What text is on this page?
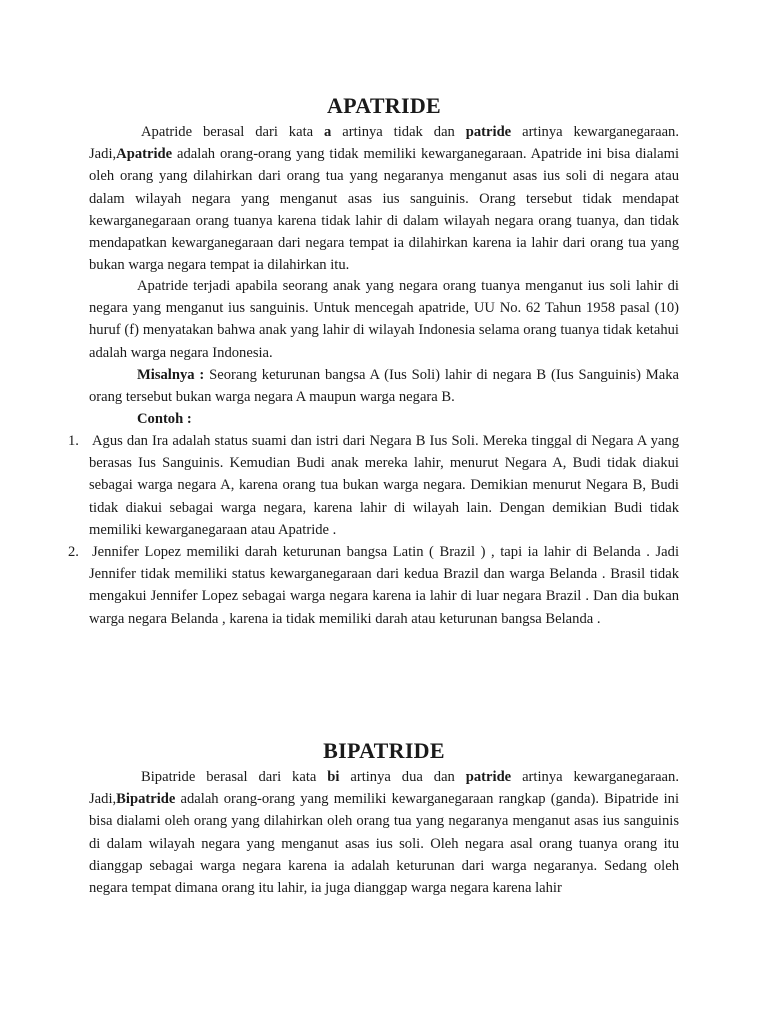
APATRIDE

Apatride berasal dari kata a artinya tidak dan patride artinya kewarganegaraan. Jadi,Apatride adalah orang-orang yang tidak memiliki kewarganegaraan. Apatride ini bisa dialami oleh orang yang dilahirkan dari orang tua yang negaranya menganut asas ius soli di negara atau dalam wilayah negara yang menganut asas ius sanguinis. Orang tersebut tidak mendapat kewarganegaraan orang tuanya karena tidak lahir di dalam wilayah negara orang tuanya, dan tidak mendapatkan kewarganegaraan dari negara tempat ia dilahirkan karena ia lahir dari orang tua yang bukan warga negara tempat ia dilahirkan itu.

Apatride terjadi apabila seorang anak yang negara orang tuanya menganut ius soli lahir di negara yang menganut ius sanguinis. Untuk mencegah apatride, UU No. 62 Tahun 1958 pasal (10) huruf (f) menyatakan bahwa anak yang lahir di wilayah Indonesia selama orang tuanya tidak ketahui adalah warga negara Indonesia.

Misalnya : Seorang keturunan bangsa A (Ius Soli) lahir di negara B (Ius Sanguinis) Maka orang tersebut bukan warga negara A maupun warga negara B.

Contoh :
1. Agus dan Ira adalah status suami dan istri dari Negara B Ius Soli. Mereka tinggal di Negara A yang berasas Ius Sanguinis. Kemudian Budi anak mereka lahir, menurut Negara A, Budi tidak diakui sebagai warga negara A, karena orang tua bukan warga negara. Demikian menurut Negara B, Budi tidak diakui sebagai warga negara, karena lahir di wilayah lain. Dengan demikian Budi tidak memiliki kewarganegaraan atau Apatride .
2. Jennifer Lopez memiliki darah keturunan bangsa Latin ( Brazil ) , tapi ia lahir di Belanda . Jadi Jennifer tidak memiliki status kewarganegaraan dari kedua Brazil dan warga Belanda . Brasil tidak mengakui Jennifer Lopez sebagai warga negara karena ia lahir di luar negara Brazil . Dan dia bukan warga negara Belanda , karena ia tidak memiliki darah atau keturunan bangsa Belanda .
BIPATRIDE

Bipatride berasal dari kata bi artinya dua dan patride artinya kewarganegaraan. Jadi,Bipatride adalah orang-orang yang memiliki kewarganegaraan rangkap (ganda). Bipatride ini bisa dialami oleh orang yang dilahirkan oleh orang tua yang negaranya menganut asas ius sanguinis di dalam wilayah negara yang menganut asas ius soli. Oleh negara asal orang tuanya orang itu dianggap sebagai warga negara karena ia adalah keturunan dari warga negaranya. Sedang oleh negara tempat dimana orang itu lahir, ia juga dianggap warga negara karena lahir
